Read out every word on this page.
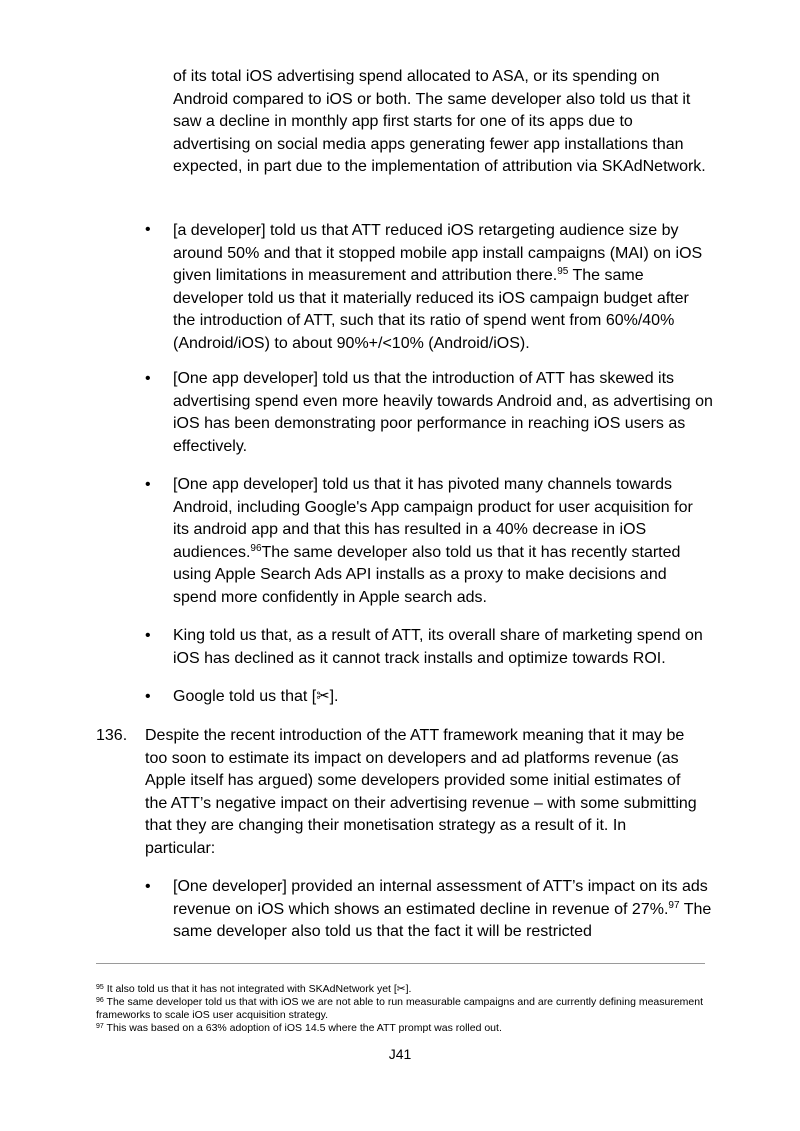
of its total iOS advertising spend allocated to ASA, or its spending on Android compared to iOS or both. The same developer also told us that it saw a decline in monthly app first starts for one of its apps due to advertising on social media apps generating fewer app installations than expected, in part due to the implementation of attribution via SKAdNetwork.
•	[a developer] told us that ATT reduced iOS retargeting audience size by around 50% and that it stopped mobile app install campaigns (MAI) on iOS given limitations in measurement and attribution there.$^{95}$ The same developer told us that it materially reduced its iOS campaign budget after the introduction of ATT, such that its ratio of spend went from 60%/40% (Android/iOS) to about 90%+/<10% (Android/iOS).
•	[One app developer] told us that the introduction of ATT has skewed its advertising spend even more heavily towards Android and, as advertising on iOS has been demonstrating poor performance in reaching iOS users as effectively.
•	[One app developer] told us that it has pivoted many channels towards Android, including Google's App campaign product for user acquisition for its android app and that this has resulted in a 40% decrease in iOS audiences.$^{96}$The same developer also told us that it has recently started using Apple Search Ads API installs as a proxy to make decisions and spend more confidently in Apple search ads.
•	King told us that, as a result of ATT, its overall share of marketing spend on iOS has declined as it cannot track installs and optimize towards ROI.
•	Google told us that [✂].
136. Despite the recent introduction of the ATT framework meaning that it may be too soon to estimate its impact on developers and ad platforms revenue (as Apple itself has argued) some developers provided some initial estimates of the ATT’s negative impact on their advertising revenue – with some submitting that they are changing their monetisation strategy as a result of it. In particular:
•	[One developer] provided an internal assessment of ATT’s impact on its ads revenue on iOS which shows an estimated decline in revenue of 27%.$^{97}$ The same developer also told us that the fact it will be restricted
$^{95}$ It also told us that it has not integrated with SKAdNetwork yet [✂].
$^{96}$ The same developer told us that with iOS we are not able to run measurable campaigns and are currently defining measurement frameworks to scale iOS user acquisition strategy.
$^{97}$ This was based on a 63% adoption of iOS 14.5 where the ATT prompt was rolled out.
J41
